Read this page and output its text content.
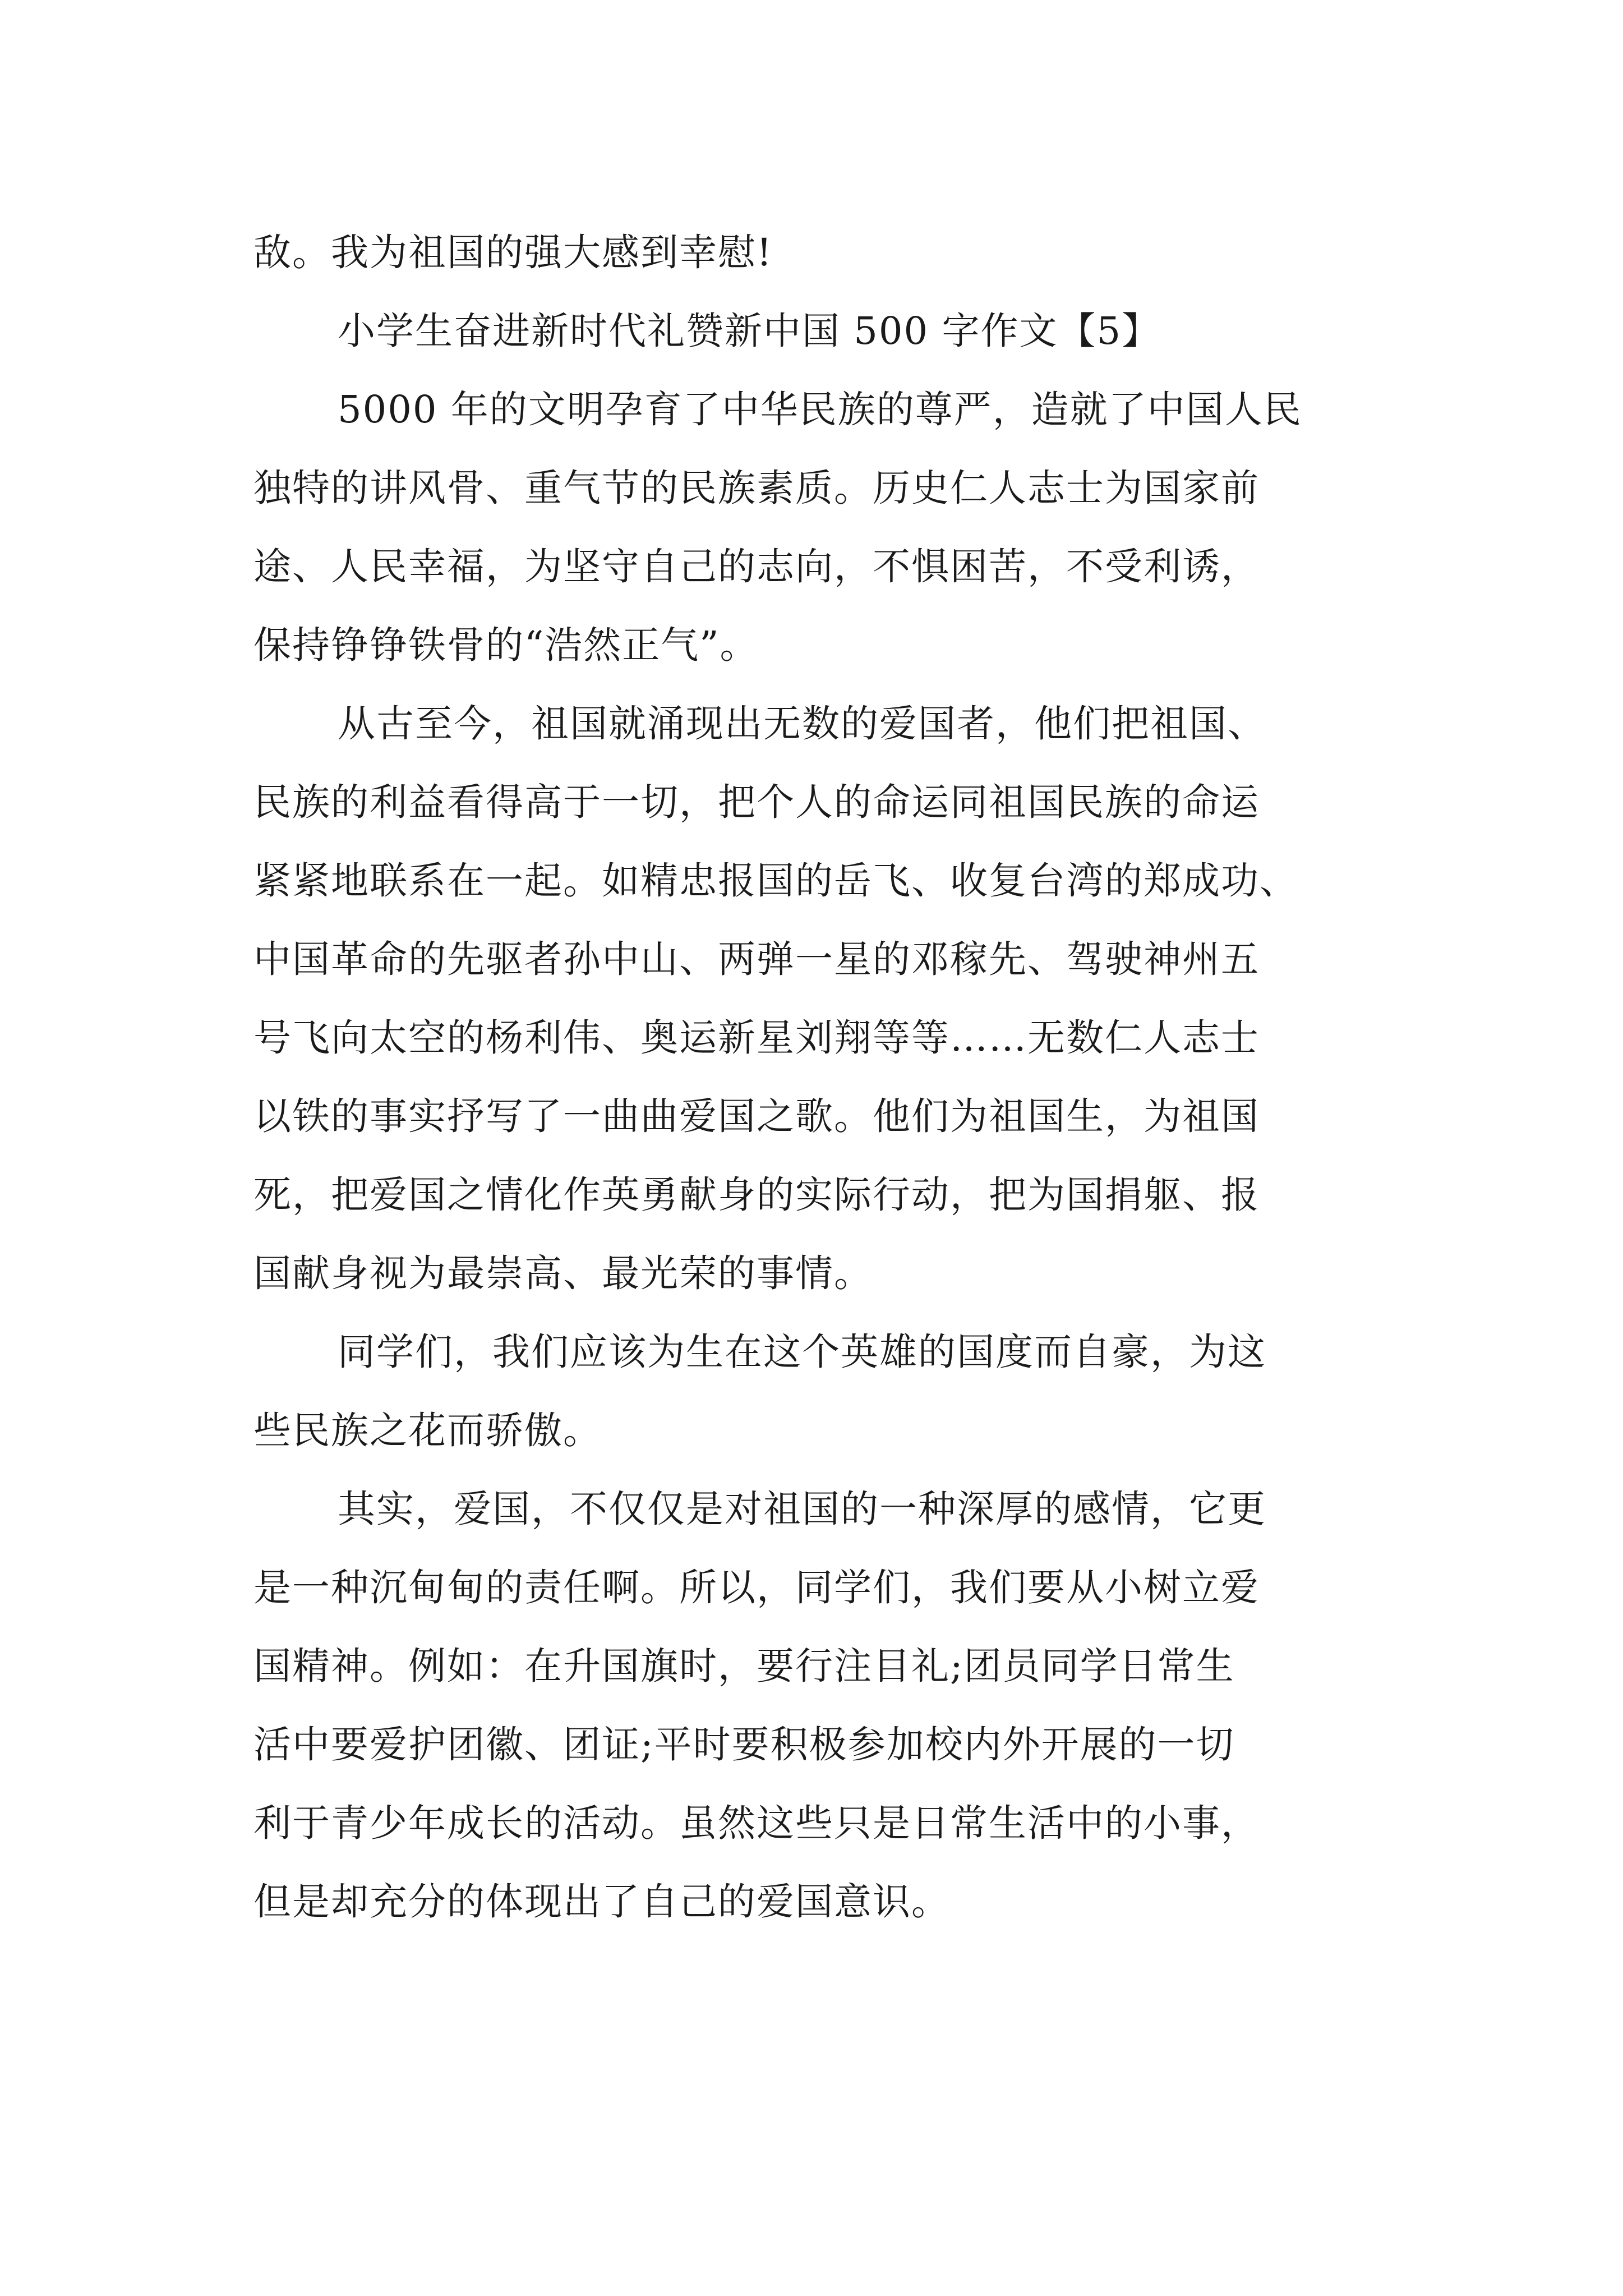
敌。我为祖国的强大感到幸慰!
小学生奋进新时代礼赞新中国 500 字作文【5】
5000 年的文明孕育了中华民族的尊严，造就了中国人民
独特的讲风骨、重气节的民族素质。历史仁人志士为国家前
途、人民幸福，为坚守自己的志向，不惧困苦，不受利诱，
保持铮铮铁骨的“浩然正气”。
从古至今，祖国就涌现出无数的爱国者，他们把祖国、
民族的利益看得高于一切，把个人的命运同祖国民族的命运
紧紧地联系在一起。如精忠报国的岳飞、收复台湾的郑成功、
中国革命的先驱者孙中山、两弹一星的邓稼先、驾驶神州五
号飞向太空的杨利伟、奥运新星刘翔等等……无数仁人志士
以铁的事实抒写了一曲曲爱国之歌。他们为祖国生，为祖国
死，把爱国之情化作英勇献身的实际行动，把为国捐躯、报
国献身视为最崇高、最光荣的事情。
同学们，我们应该为生在这个英雄的国度而自豪，为这
些民族之花而骄傲。
其实，爱国，不仅仅是对祖国的一种深厚的感情，它更
是一种沉甸甸的责任啊。所以，同学们，我们要从小树立爱
国精神。例如：在升国旗时，要行注目礼;团员同学日常生
活中要爱护团徽、团证;平时要积极参加校内外开展的一切
利于青少年成长的活动。虽然这些只是日常生活中的小事，
但是却充分的体现出了自己的爱国意识。
